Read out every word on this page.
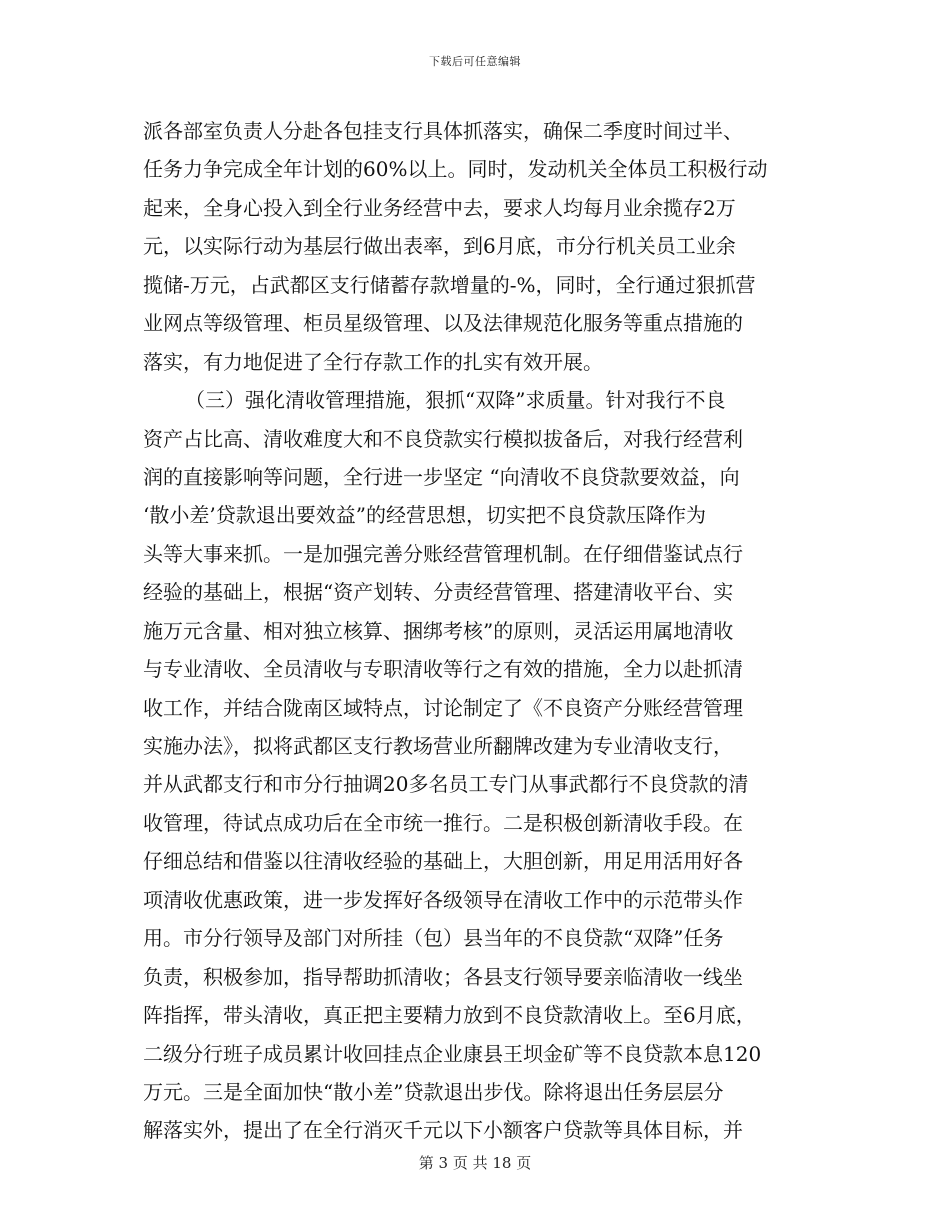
下载后可任意编辑
派各部室负责人分赴各包挂支行具体抓落实，确保二季度时间过半、
任务力争完成全年计划的60%以上。同时，发动机关全体员工积极行动
起来，全身心投入到全行业务经营中去，要求人均每月业余揽存2万
元，以实际行动为基层行做出表率，到6月底，市分行机关员工业余
揽储-万元，占武都区支行储蓄存款增量的-%，同时，全行通过狠抓营
业网点等级管理、柜员星级管理、以及法律规范化服务等重点措施的
落实，有力地促进了全行存款工作的扎实有效开展。
（三）强化清收管理措施，狠抓“双降”求质量。针对我行不良
资产占比高、清收难度大和不良贷款实行模拟拔备后，对我行经营利
润的直接影响等问题，全行进一步坚定 “向清收不良贷款要效益，向
‘散小差’贷款退出要效益”的经营思想，切实把不良贷款压降作为
头等大事来抓。一是加强完善分账经营管理机制。在仔细借鉴试点行
经验的基础上，根据“资产划转、分责经营管理、搭建清收平台、实
施万元含量、相对独立核算、捆绑考核”的原则，灵活运用属地清收
与专业清收、全员清收与专职清收等行之有效的措施，全力以赴抓清
收工作，并结合陇南区域特点，讨论制定了《不良资产分账经营管理
实施办法》，拟将武都区支行教场营业所翻牌改建为专业清收支行，
并从武都支行和市分行抽调20多名员工专门从事武都行不良贷款的清
收管理，待试点成功后在全市统一推行。二是积极创新清收手段。在
仔细总结和借鉴以往清收经验的基础上，大胆创新，用足用活用好各
项清收优惠政策，进一步发挥好各级领导在清收工作中的示范带头作
用。市分行领导及部门对所挂（包）县当年的不良贷款“双降”任务
负责，积极参加，指导帮助抓清收；各县支行领导要亲临清收一线坐
阵指挥，带头清收，真正把主要精力放到不良贷款清收上。至6月底，
二级分行班子成员累计收回挂点企业康县王坝金矿等不良贷款本息120
万元。三是全面加快“散小差”贷款退出步伐。除将退出任务层层分
解落实外，提出了在全行消灭千元以下小额客户贷款等具体目标，并
第 3 页 共 18 页
